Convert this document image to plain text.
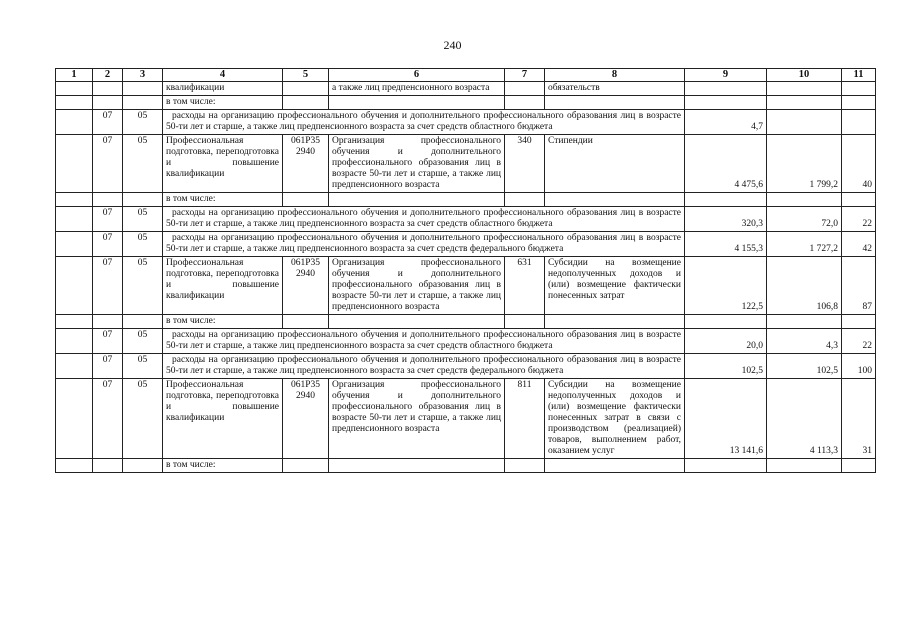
240
1	2	3	4	5	6	7	8	9	10	11
			квалификации		а также лиц предпенсионного возраста		обязательств			
			в том числе:							
	07	05	расходы на организацию профессионального обучения и дополнительного профессионального образования лиц в возрасте 50-ти лет и старше, а также лиц предпенсионного возраста за счет средств областного бюджета					4,7		
	07	05	Профессиональная подготовка, переподготовка и повышение квалификации	061Р35 2940	Организация профессионального обучения и дополнительного профессионального образования лиц в возрасте 50-ти лет и старше, а также лиц предпенсионного возраста	340	Стипендии	4 475,6	1 799,2	40
			в том числе:							
	07	05	расходы на организацию профессионального обучения и дополнительного профессионального образования лиц в возрасте 50-ти лет и старше, а также лиц предпенсионного возраста за счет средств областного бюджета					320,3	72,0	22
	07	05	расходы на организацию профессионального обучения и дополнительного профессионального образования лиц в возрасте 50-ти лет и старше, а также лиц предпенсионного возраста за счет средств федерального бюджета					4 155,3	1 727,2	42
	07	05	Профессиональная подготовка, переподготовка и повышение квалификации	061Р35 2940	Организация профессионального обучения и дополнительного профессионального образования лиц в возрасте 50-ти лет и старше, а также лиц предпенсионного возраста	631	Субсидии на возмещение недополученных доходов и (или) возмещение фактически понесенных затрат	122,5	106,8	87
			в том числе:							
	07	05	расходы на организацию профессионального обучения и дополнительного профессионального образования лиц в возрасте 50-ти лет и старше, а также лиц предпенсионного возраста за счет средств областного бюджета					20,0	4,3	22
	07	05	расходы на организацию профессионального обучения и дополнительного профессионального образования лиц в возрасте 50-ти лет и старше, а также лиц предпенсионного возраста за счет средств федерального бюджета					102,5	102,5	100
	07	05	Профессиональная подготовка, переподготовка и повышение квалификации	061Р35 2940	Организация профессионального обучения и дополнительного профессионального образования лиц в возрасте 50-ти лет и старше, а также лиц предпенсионного возраста	811	Субсидии на возмещение недополученных доходов и (или) возмещение фактически понесенных затрат в связи с производством (реализацией) товаров, выполнением работ, оказанием услуг	13 141,6	4 113,3	31
			в том числе:							
